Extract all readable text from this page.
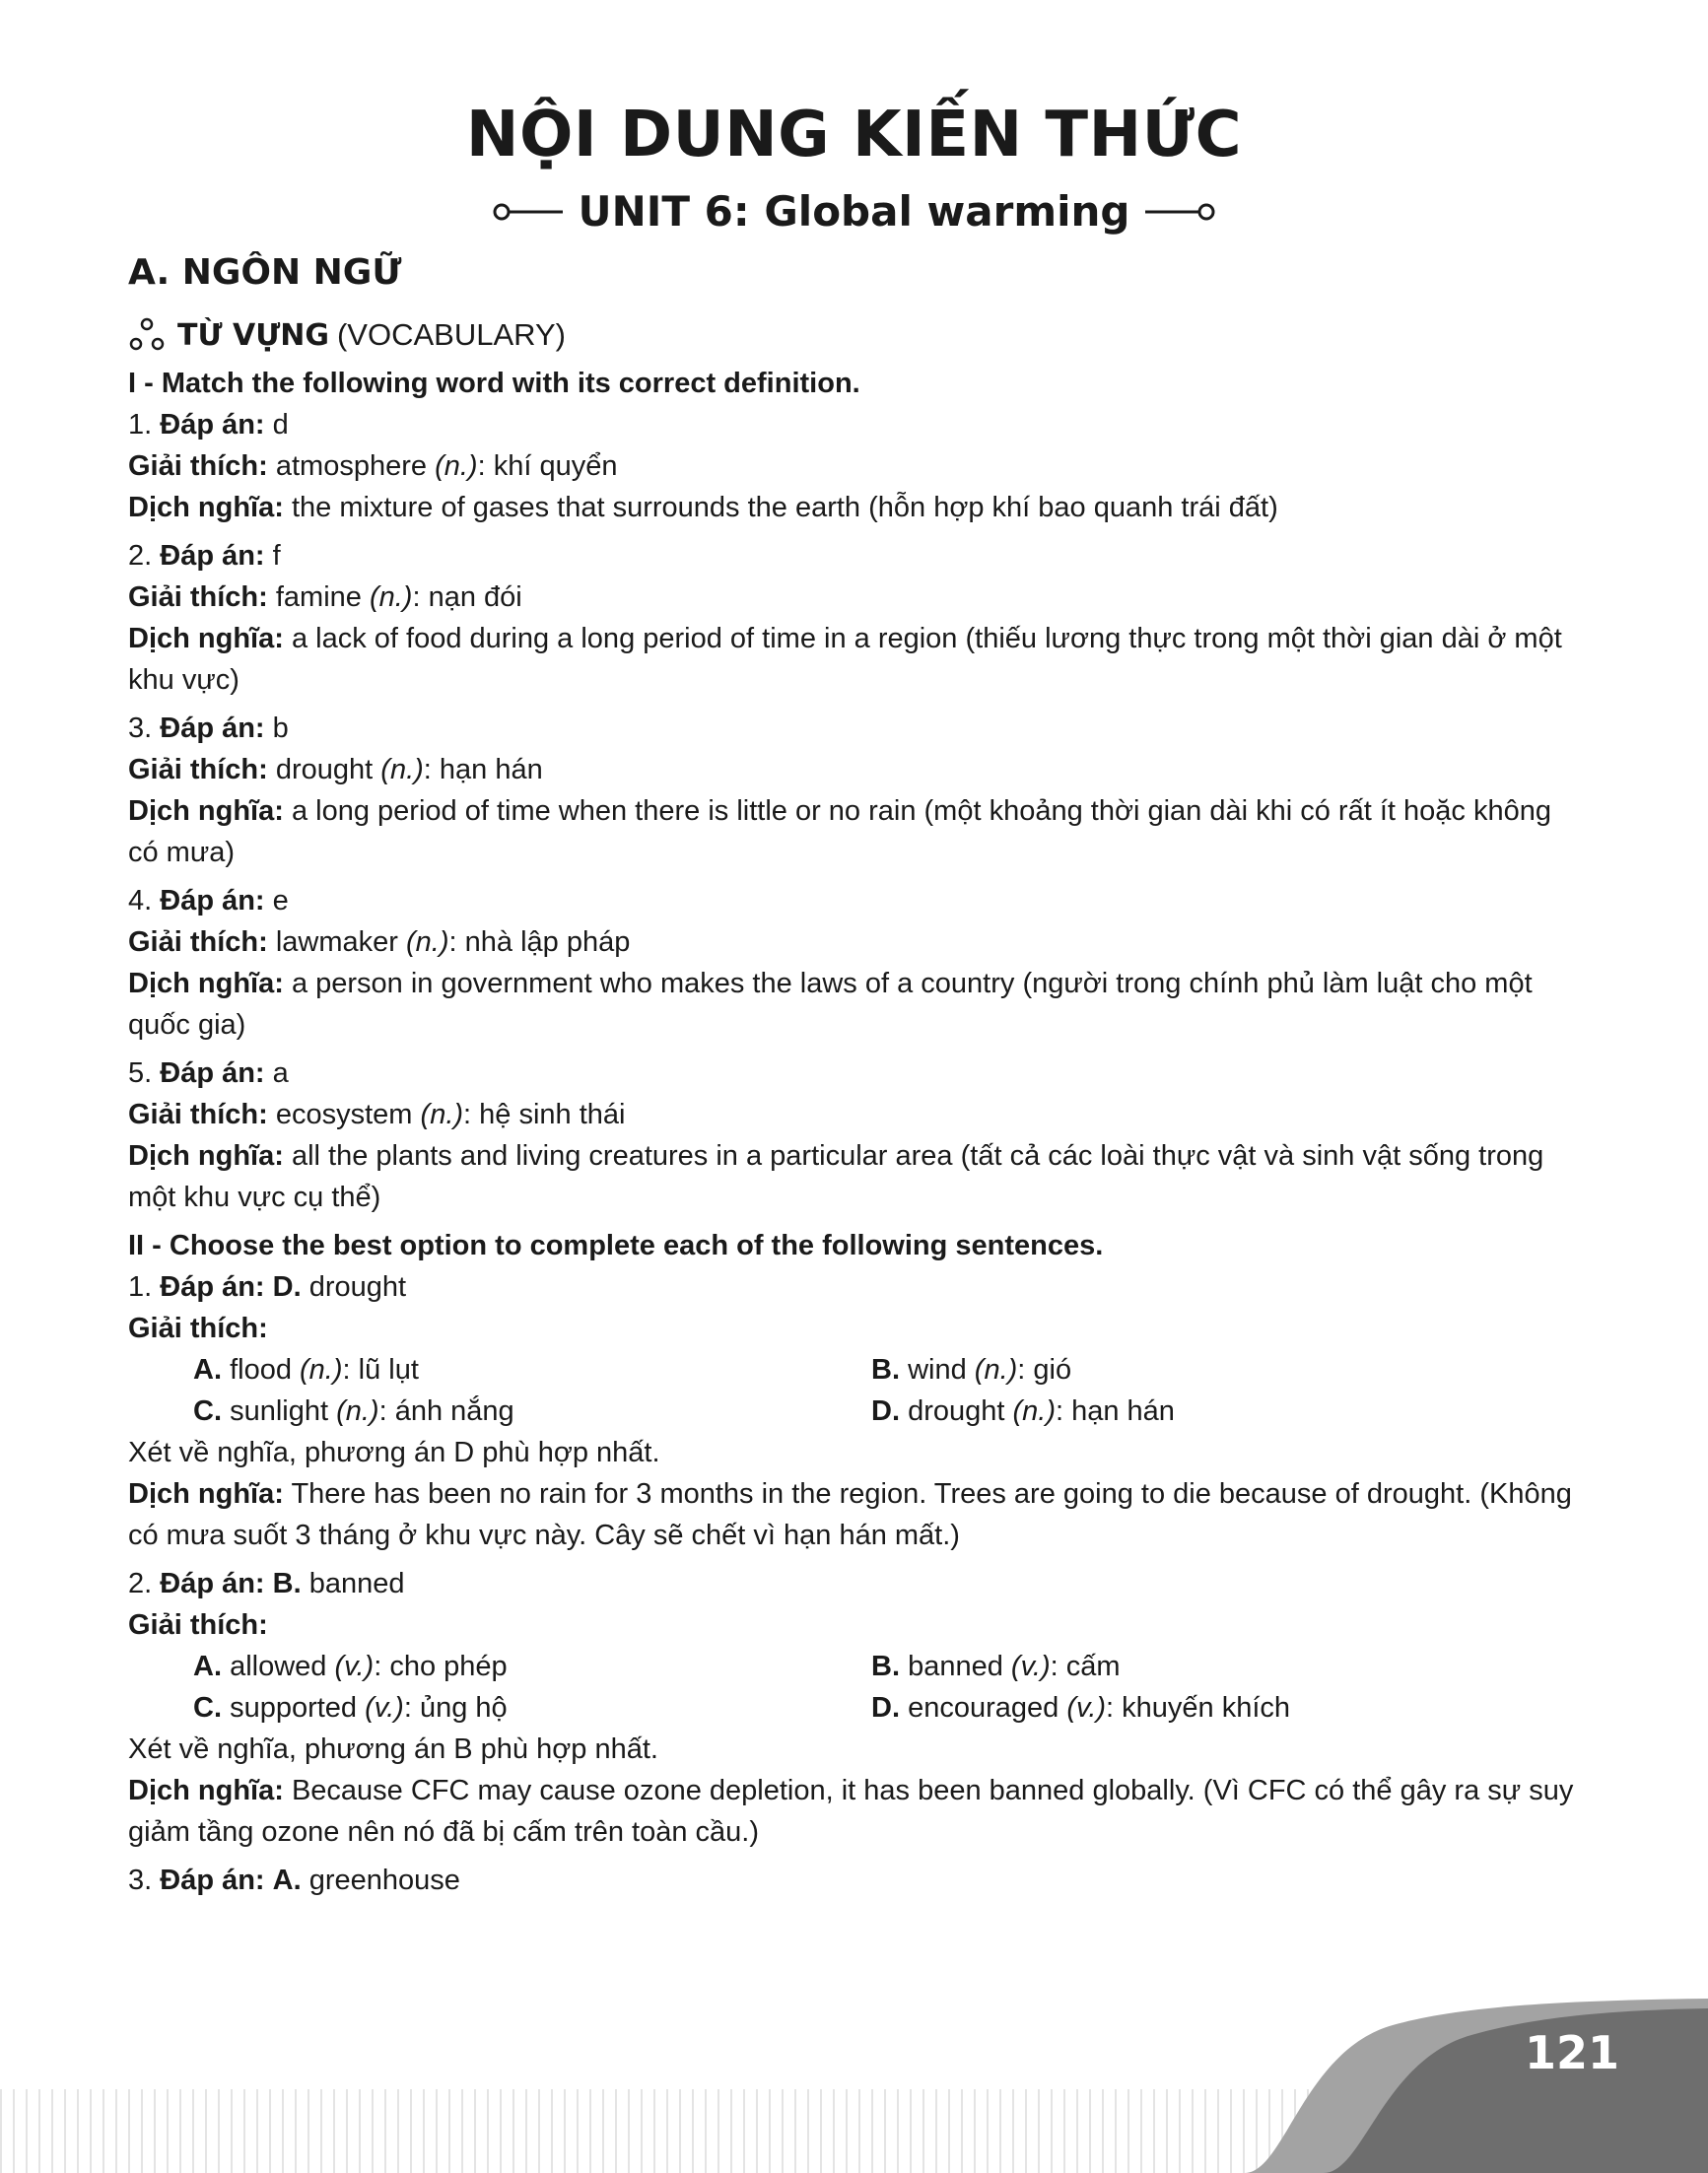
121
NỘI DUNG KIẾN THỨC
UNIT 6: Global warming
A. NGÔN NGỮ
TỪ VỰNG (VOCABULARY)

I - Match the following word with its correct definition.

1. Đáp án: d

Giải thích: atmosphere (n.): khí quyển

Dịch nghĩa: the mixture of gases that surrounds the earth (hỗn hợp khí bao quanh trái đất)

2. Đáp án: f

Giải thích: famine (n.): nạn đói

Dịch nghĩa: a lack of food during a long period of time in a region (thiếu lương thực trong một thời gian dài ở một khu vực)

3. Đáp án: b

Giải thích: drought (n.): hạn hán

Dịch nghĩa: a long period of time when there is little or no rain (một khoảng thời gian dài khi có rất ít hoặc không có mưa)

4. Đáp án: e

Giải thích: lawmaker (n.): nhà lập pháp

Dịch nghĩa: a person in government who makes the laws of a country (người trong chính phủ làm luật cho một quốc gia)

5. Đáp án: a

Giải thích: ecosystem (n.): hệ sinh thái

Dịch nghĩa: all the plants and living creatures in a particular area (tất cả các loài thực vật và sinh vật sống trong một khu vực cụ thể)

II - Choose the best option to complete each of the following sentences.

1. Đáp án: D. drought

Giải thích:

A. flood (n.): lũ lụt	B. wind (n.): gió
C. sunlight (n.): ánh nắng	D. drought (n.): hạn hán

Xét về nghĩa, phương án D phù hợp nhất.

Dịch nghĩa: There has been no rain for 3 months in the region. Trees are going to die because of drought. (Không có mưa suốt 3 tháng ở khu vực này. Cây sẽ chết vì hạn hán mất.)

2. Đáp án: B. banned

Giải thích:

A. allowed (v.): cho phép	B. banned (v.): cấm
C. supported (v.): ủng hộ	D. encouraged (v.): khuyến khích

Xét về nghĩa, phương án B phù hợp nhất.

Dịch nghĩa: Because CFC may cause ozone depletion, it has been banned globally. (Vì CFC có thể gây ra sự suy giảm tầng ozone nên nó đã bị cấm trên toàn cầu.)

3. Đáp án: A. greenhouse
